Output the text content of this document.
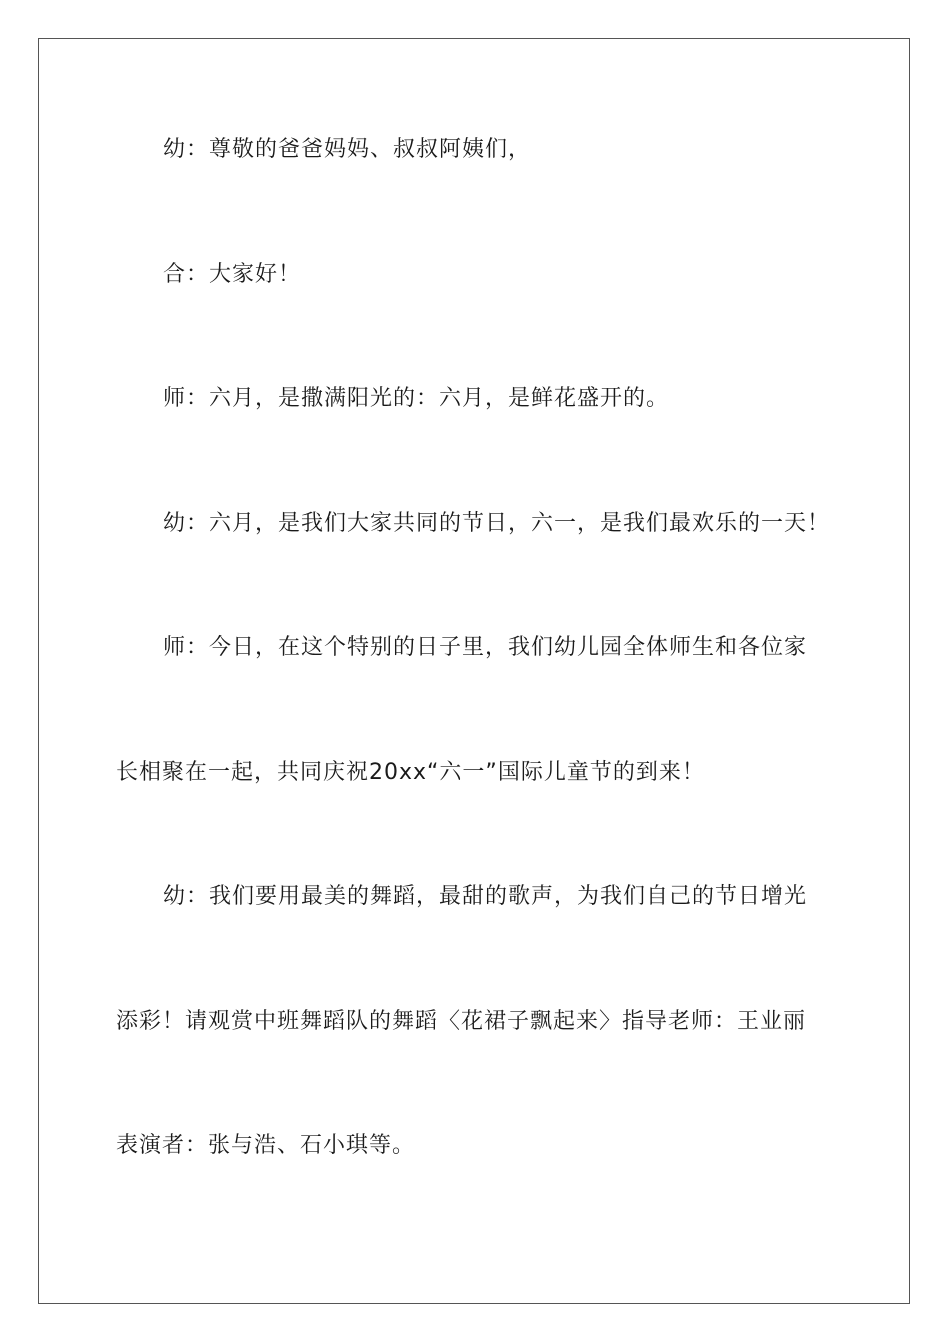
幼：尊敬的爸爸妈妈、叔叔阿姨们，
合：大家好！
师：六月，是撒满阳光的：六月，是鲜花盛开的。
幼：六月，是我们大家共同的节日，六一，是我们最欢乐的一天！
师：今日，在这个特别的日子里，我们幼儿园全体师生和各位家
长相聚在一起，共同庆祝20xx“六一”国际儿童节的到来！
幼：我们要用最美的舞蹈，最甜的歌声，为我们自己的节日增光
添彩！请观赏中班舞蹈队的舞蹈〈花裙子飘起来〉指导老师：王业丽
表演者：张与浩、石小琪等。
